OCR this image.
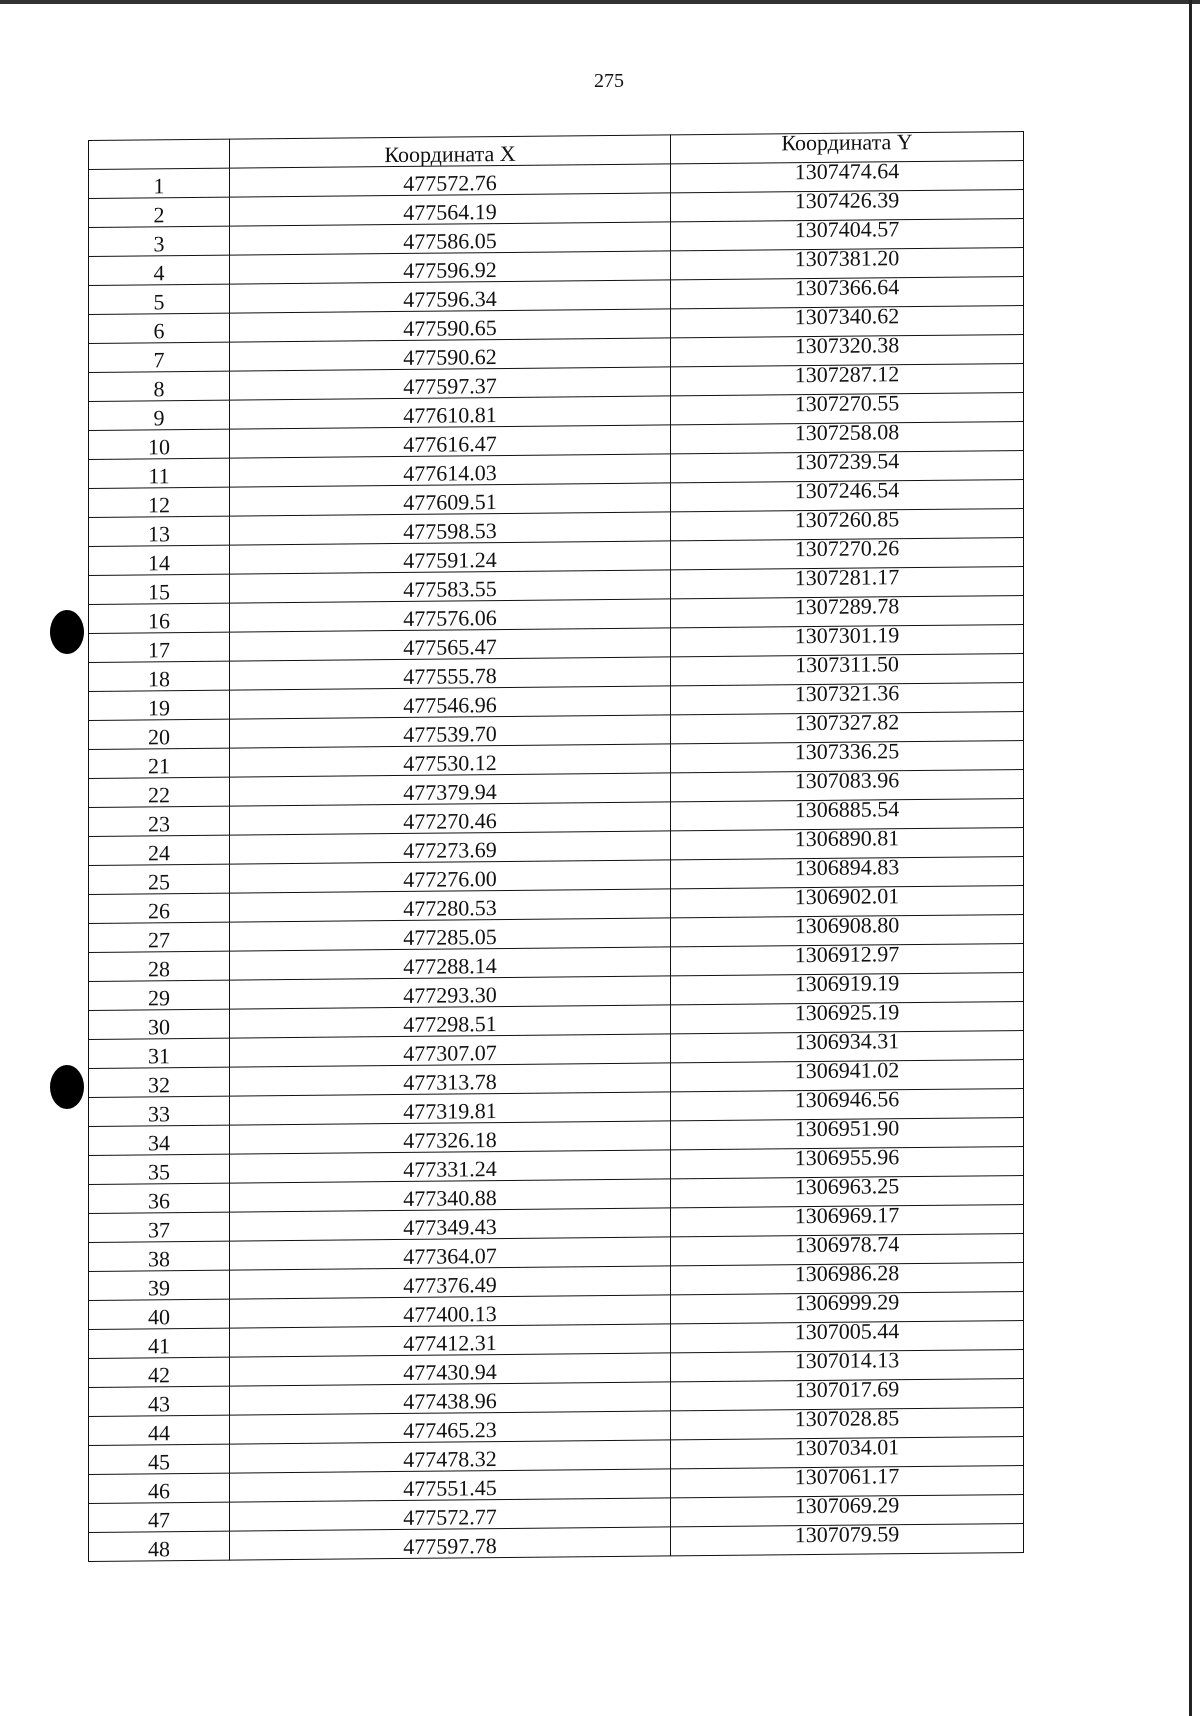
275
	Координата X	Координата Y
1	477572.76	1307474.64
2	477564.19	1307426.39
3	477586.05	1307404.57
4	477596.92	1307381.20
5	477596.34	1307366.64
6	477590.65	1307340.62
7	477590.62	1307320.38
8	477597.37	1307287.12
9	477610.81	1307270.55
10	477616.47	1307258.08
11	477614.03	1307239.54
12	477609.51	1307246.54
13	477598.53	1307260.85
14	477591.24	1307270.26
15	477583.55	1307281.17
16	477576.06	1307289.78
17	477565.47	1307301.19
18	477555.78	1307311.50
19	477546.96	1307321.36
20	477539.70	1307327.82
21	477530.12	1307336.25
22	477379.94	1307083.96
23	477270.46	1306885.54
24	477273.69	1306890.81
25	477276.00	1306894.83
26	477280.53	1306902.01
27	477285.05	1306908.80
28	477288.14	1306912.97
29	477293.30	1306919.19
30	477298.51	1306925.19
31	477307.07	1306934.31
32	477313.78	1306941.02
33	477319.81	1306946.56
34	477326.18	1306951.90
35	477331.24	1306955.96
36	477340.88	1306963.25
37	477349.43	1306969.17
38	477364.07	1306978.74
39	477376.49	1306986.28
40	477400.13	1306999.29
41	477412.31	1307005.44
42	477430.94	1307014.13
43	477438.96	1307017.69
44	477465.23	1307028.85
45	477478.32	1307034.01
46	477551.45	1307061.17
47	477572.77	1307069.29
48	477597.78	1307079.59
